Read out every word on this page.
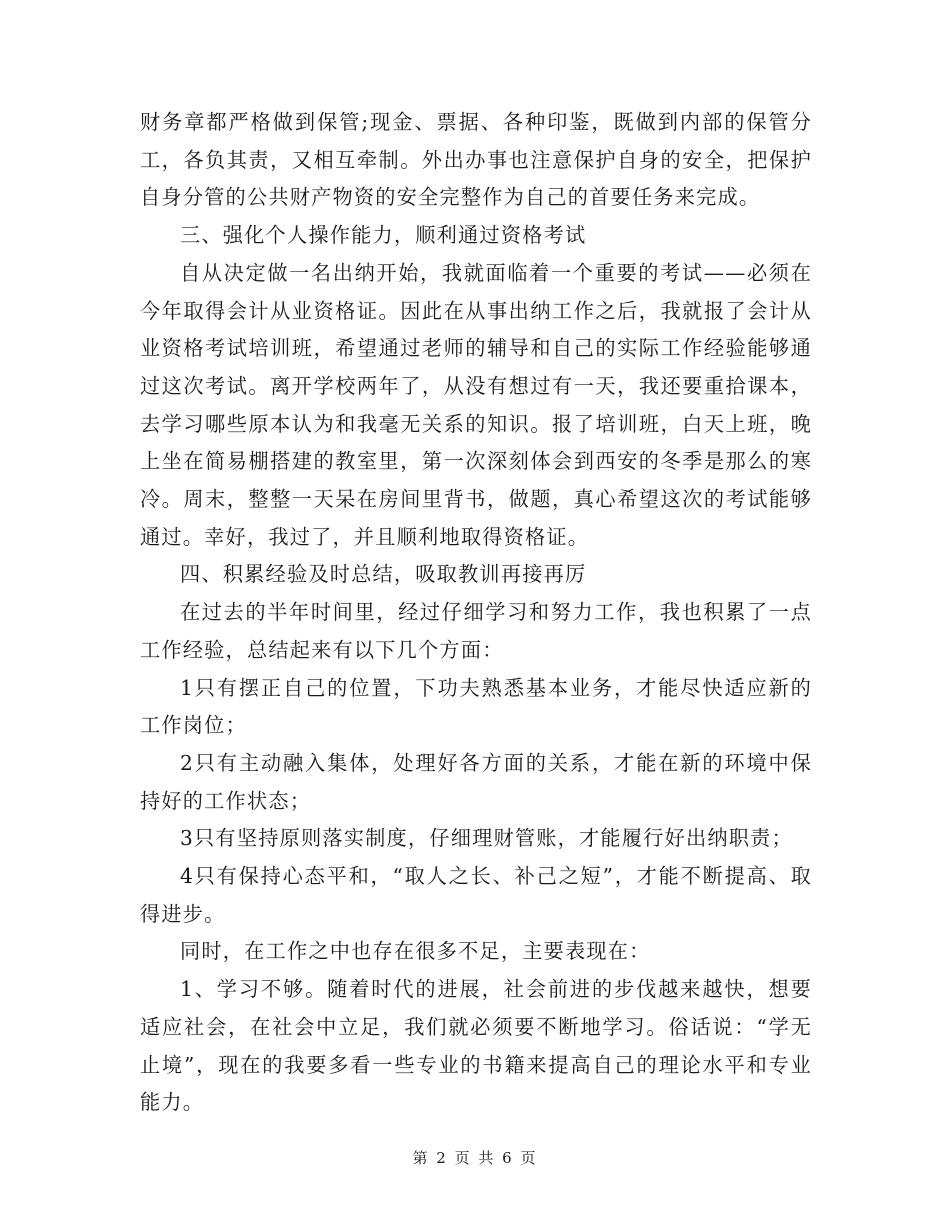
财务章都严格做到保管;现金、票据、各种印鉴，既做到内部的保管分工，各负其责，又相互牵制。外出办事也注意保护自身的安全，把保护自身分管的公共财产物资的安全完整作为自己的首要任务来完成。

三、强化个人操作能力，顺利通过资格考试

自从决定做一名出纳开始，我就面临着一个重要的考试——必须在今年取得会计从业资格证。因此在从事出纳工作之后，我就报了会计从业资格考试培训班，希望通过老师的辅导和自己的实际工作经验能够通过这次考试。离开学校两年了，从没有想过有一天，我还要重拾课本，去学习哪些原本认为和我毫无关系的知识。报了培训班，白天上班，晚上坐在简易棚搭建的教室里，第一次深刻体会到西安的冬季是那么的寒冷。周末，整整一天呆在房间里背书，做题，真心希望这次的考试能够通过。幸好，我过了，并且顺利地取得资格证。

四、积累经验及时总结，吸取教训再接再厉

在过去的半年时间里，经过仔细学习和努力工作，我也积累了一点工作经验，总结起来有以下几个方面：

1只有摆正自己的位置，下功夫熟悉基本业务，才能尽快适应新的工作岗位；

2只有主动融入集体，处理好各方面的关系，才能在新的环境中保持好的工作状态；

3只有坚持原则落实制度，仔细理财管账，才能履行好出纳职责；

4只有保持心态平和，“取人之长、补己之短”，才能不断提高、取得进步。

同时，在工作之中也存在很多不足，主要表现在：

1、学习不够。随着时代的进展，社会前进的步伐越来越快，想要适应社会，在社会中立足，我们就必须要不断地学习。俗话说：“学无止境”，现在的我要多看一些专业的书籍来提高自己的理论水平和专业能力。

第 2 页 共 6 页
